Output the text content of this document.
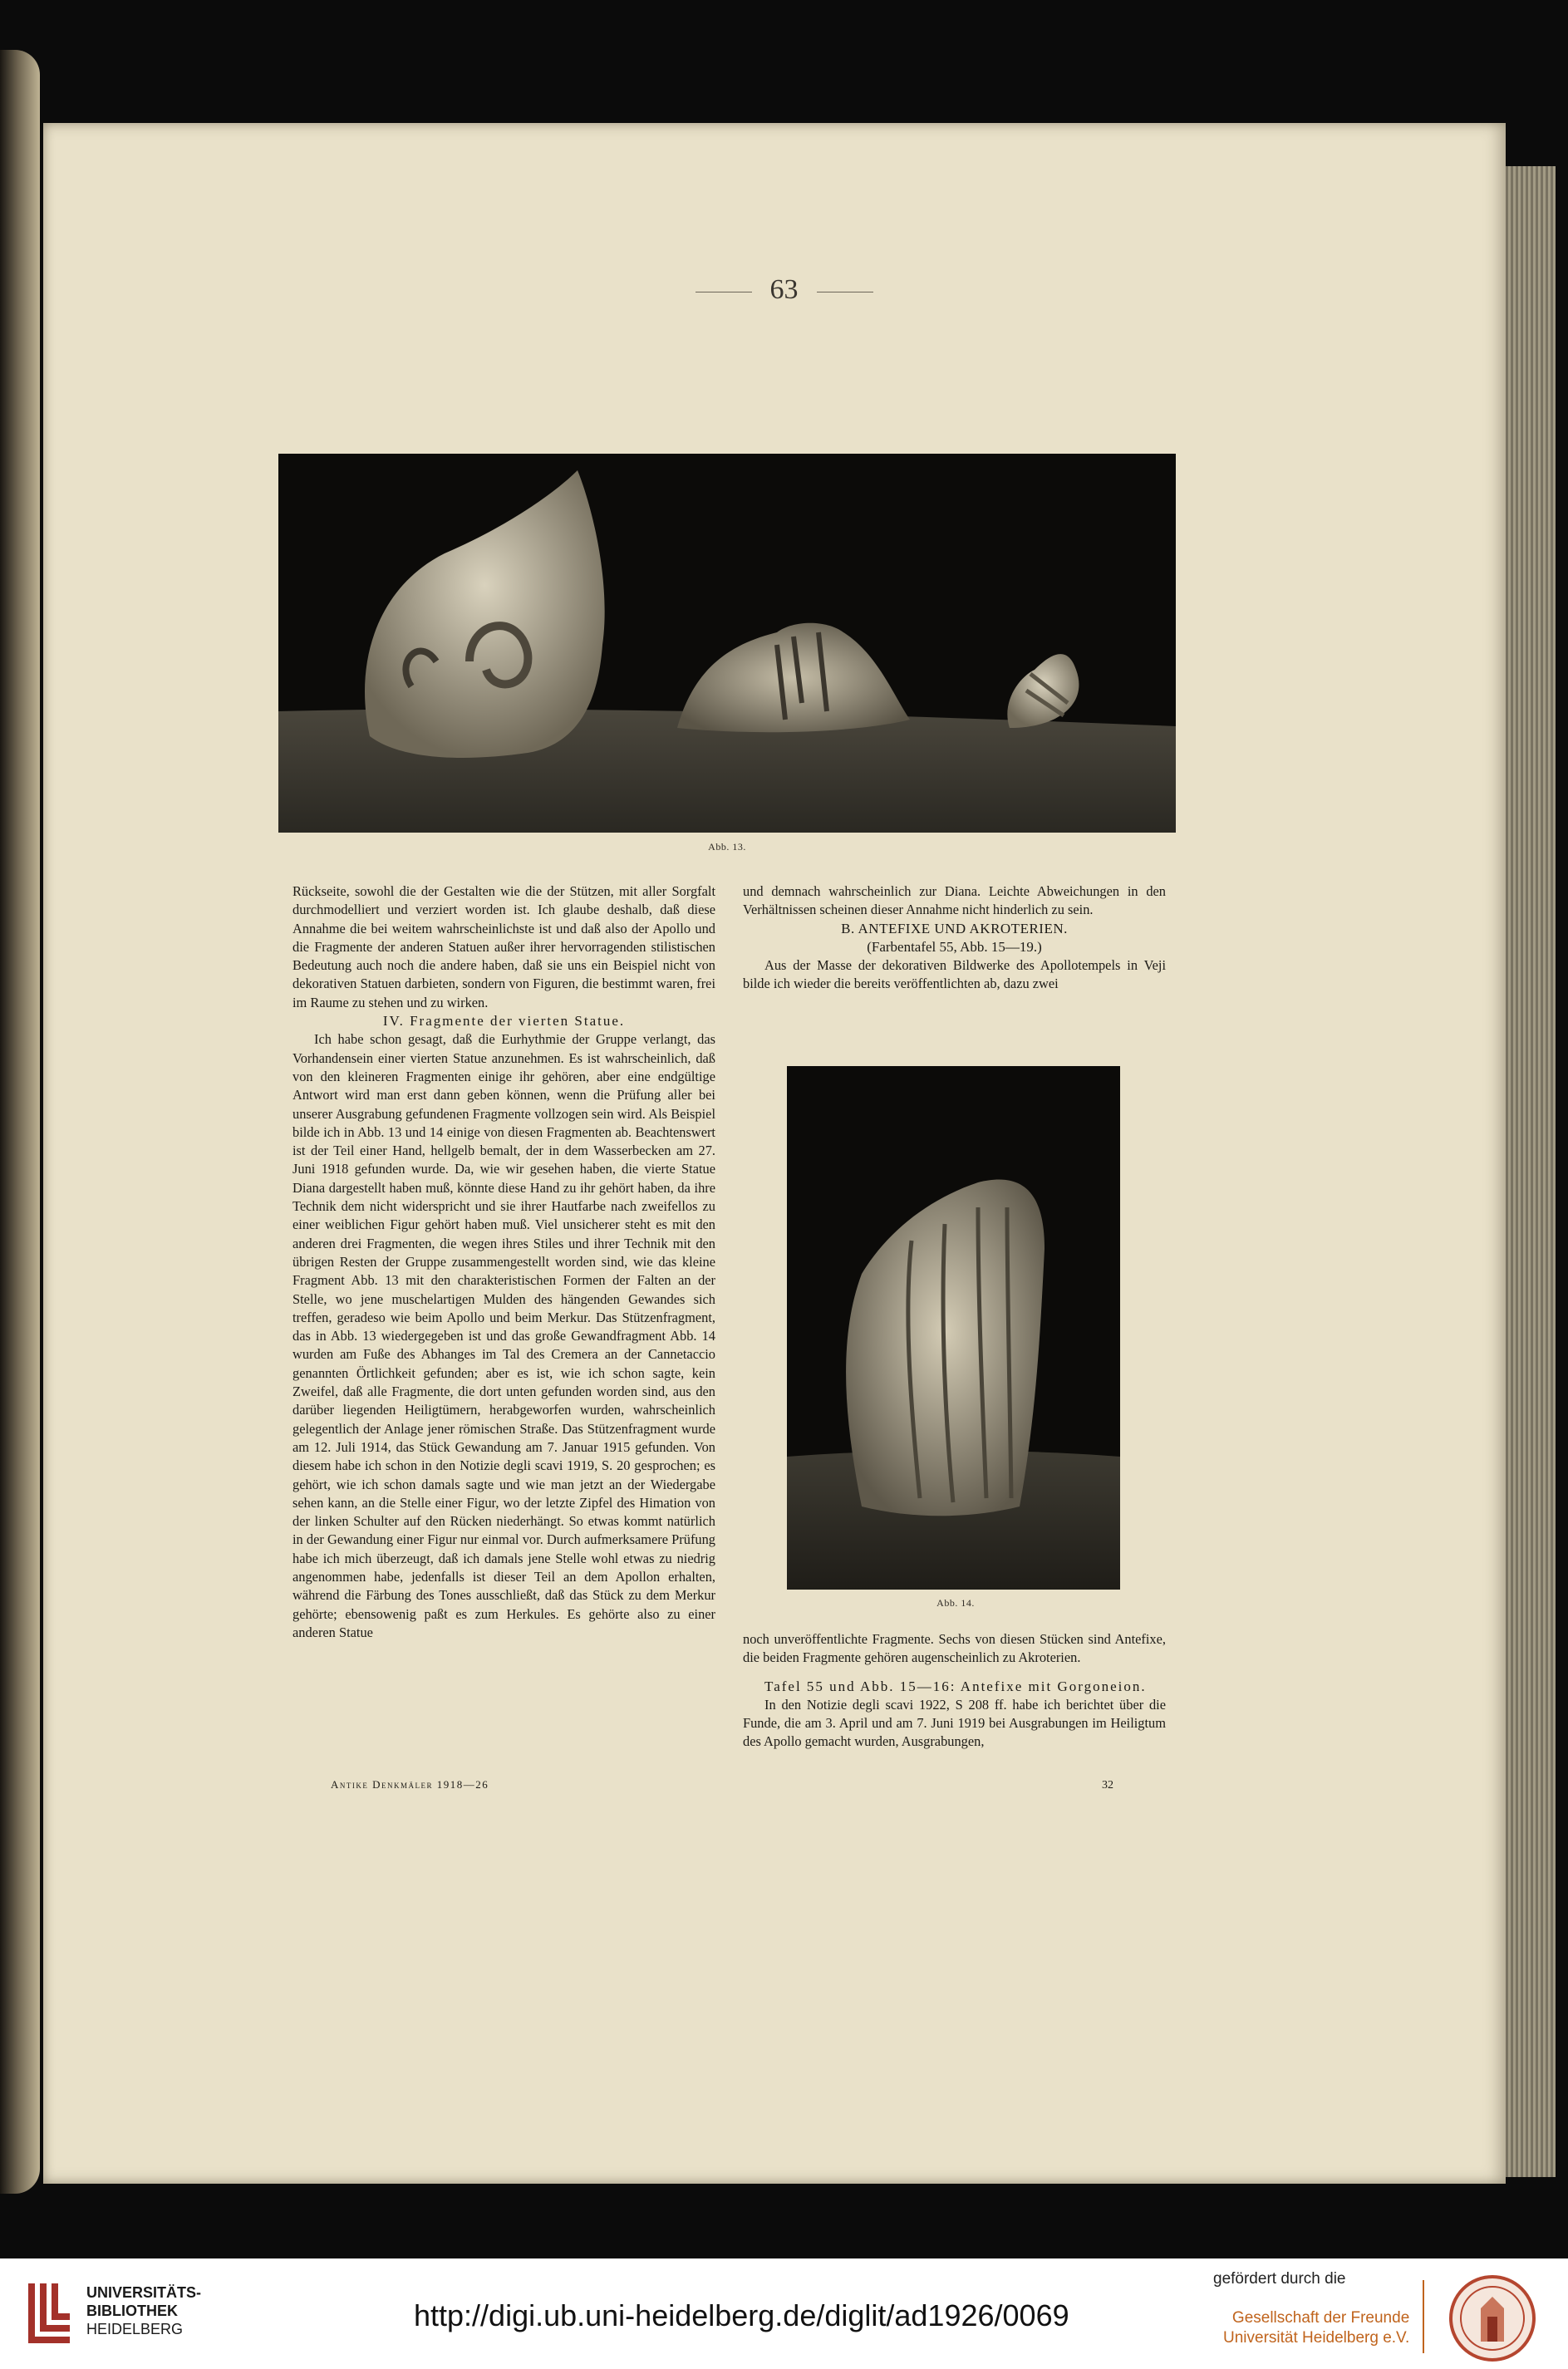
63
Abb. 13.

Rückseite, sowohl die der Gestalten wie die der Stützen, mit aller Sorgfalt durchmodelliert und verziert worden ist. Ich glaube deshalb, daß diese Annahme die bei weitem wahrscheinlichste ist und daß also der Apollo und die Fragmente der anderen Statuen außer ihrer hervorragenden stilistischen Bedeutung auch noch die andere haben, daß sie uns ein Beispiel nicht von dekorativen Statuen darbieten, sondern von Figuren, die bestimmt waren, frei im Raume zu stehen und zu wirken.

IV. Fragmente der vierten Statue.

Ich habe schon gesagt, daß die Eurhythmie der Gruppe verlangt, das Vorhandensein einer vierten Statue anzunehmen. Es ist wahrscheinlich, daß von den kleineren Fragmenten einige ihr gehören, aber eine endgültige Antwort wird man erst dann geben können, wenn die Prüfung aller bei unserer Ausgrabung gefundenen Fragmente vollzogen sein wird. Als Beispiel bilde ich in Abb. 13 und 14 einige von diesen Fragmenten ab. Beachtenswert ist der Teil einer Hand, hellgelb bemalt, der in dem Wasserbecken am 27. Juni 1918 gefunden wurde. Da, wie wir gesehen haben, die vierte Statue Diana dargestellt haben muß, könnte diese Hand zu ihr gehört haben, da ihre Technik dem nicht widerspricht und sie ihrer Hautfarbe nach zweifellos zu einer weiblichen Figur gehört haben muß. Viel unsicherer steht es mit den anderen drei Fragmenten, die wegen ihres Stiles und ihrer Technik mit den übrigen Resten der Gruppe zusammengestellt worden sind, wie das kleine Fragment Abb. 13 mit den charakteristischen Formen der Falten an der Stelle, wo jene muschelartigen Mulden des hängenden Gewandes sich treffen, geradeso wie beim Apollo und beim Merkur. Das Stützenfragment, das in Abb. 13 wiedergegeben ist und das große Gewandfragment Abb. 14 wurden am Fuße des Abhanges im Tal des Cremera an der Cannetaccio genannten Örtlichkeit gefunden; aber es ist, wie ich schon sagte, kein Zweifel, daß alle Fragmente, die dort unten gefunden worden sind, aus den darüber liegenden Heiligtümern, herabgeworfen wurden, wahrscheinlich gelegentlich der Anlage jener römischen Straße. Das Stützenfragment wurde am 12. Juli 1914, das Stück Gewandung am 7. Januar 1915 gefunden. Von diesem habe ich schon in den Notizie degli scavi 1919, S. 20 gesprochen; es gehört, wie ich schon damals sagte und wie man jetzt an der Wiedergabe sehen kann, an die Stelle einer Figur, wo der letzte Zipfel des Himation von der linken Schulter auf den Rücken niederhängt. So etwas kommt natürlich in der Gewandung einer Figur nur einmal vor. Durch aufmerksamere Prüfung habe ich mich überzeugt, daß ich damals jene Stelle wohl etwas zu niedrig angenommen habe, jedenfalls ist dieser Teil an dem Apollon erhalten, während die Färbung des Tones ausschließt, daß das Stück zu dem Merkur gehörte; ebensowenig paßt es zum Herkules. Es gehörte also zu einer anderen Statue

Antike Denkmäler 1918—26

und demnach wahrscheinlich zur Diana. Leichte Abweichungen in den Verhältnissen scheinen dieser Annahme nicht hinderlich zu sein.

B. ANTEFIXE UND AKROTERIEN.

(Farbentafel 55, Abb. 15—19.)

Aus der Masse der dekorativen Bildwerke des Apollotempels in Veji bilde ich wieder die bereits veröffentlichten ab, dazu zwei

Abb. 14.

noch unveröffentlichte Fragmente. Sechs von diesen Stücken sind Antefixe, die beiden Fragmente gehören augenscheinlich zu Akroterien.

Tafel 55 und Abb. 15—16: Antefixe mit Gorgoneion.

In den Notizie degli scavi 1922, S 208 ff. habe ich berichtet über die Funde, die am 3. April und am 7. Juni 1919 bei Ausgrabungen im Heiligtum des Apollo gemacht wurden, Ausgrabungen,

32
UNIVERSITÄTS-
BIBLIOTHEK
HEIDELBERG	http://digi.ub.uni-heidelberg.de/diglit/ad1926/0069
gefördert durch die
Gesellschaft der Freunde
Universität Heidelberg e.V.
